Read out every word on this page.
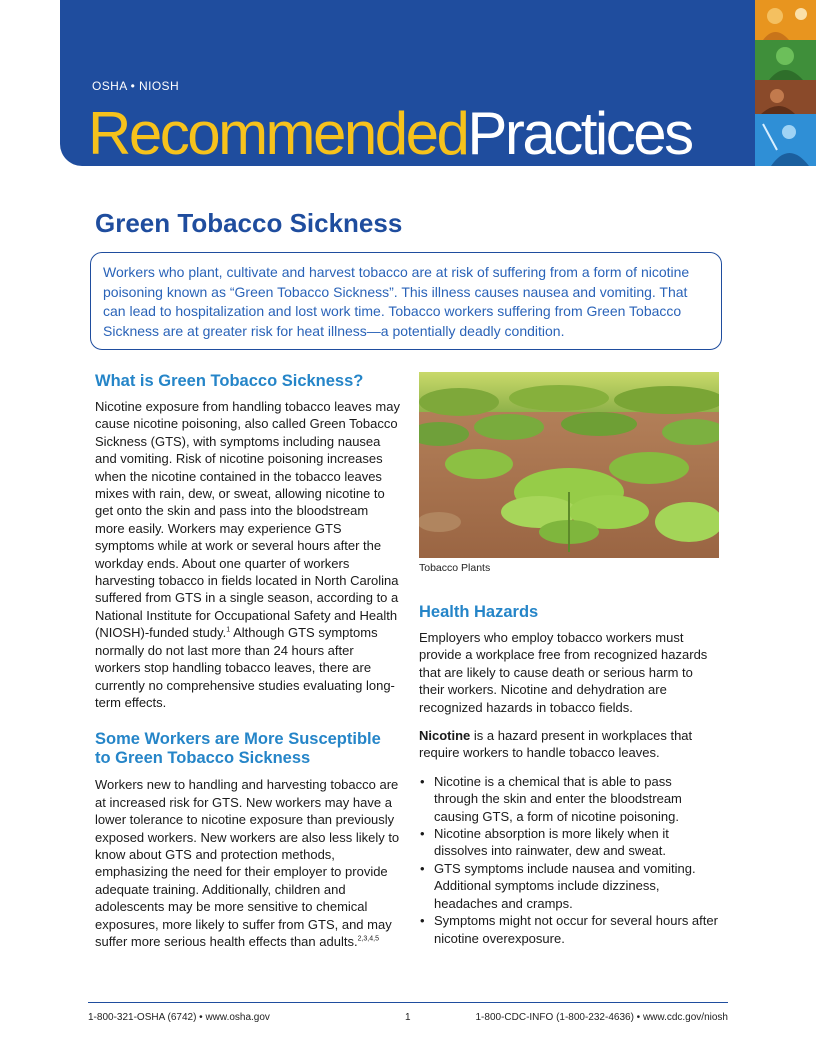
OSHA • NIOSH
RecommendedPractices
Green Tobacco Sickness

Workers who plant, cultivate and harvest tobacco are at risk of suffering from a form of nicotine poisoning known as “Green Tobacco Sickness”. This illness causes nausea and vomiting. That can lead to hospitalization and lost work time. Tobacco workers suffering from Green Tobacco Sickness are at greater risk for heat illness—a potentially deadly condition.

What is Green Tobacco Sickness?

Nicotine exposure from handling tobacco leaves may cause nicotine poisoning, also called Green Tobacco Sickness (GTS), with symptoms including nausea and vomiting. Risk of nicotine poisoning increases when the nicotine contained in the tobacco leaves mixes with rain, dew, or sweat, allowing nicotine to get onto the skin and pass into the bloodstream more easily. Workers may experience GTS symptoms while at work or several hours after the workday ends. About one quarter of workers harvesting tobacco in fields located in North Carolina suffered from GTS in a single season, according to a National Institute for Occupational Safety and Health (NIOSH)-funded study.$^1$ Although GTS symptoms normally do not last more than 24 hours after workers stop handling tobacco leaves, there are currently no comprehensive studies evaluating long-term effects.

Some Workers are More Susceptible
to Green Tobacco Sickness

Workers new to handling and harvesting tobacco are at increased risk for GTS. New workers may have a lower tolerance to nicotine exposure than previously exposed workers. New workers are also less likely to know about GTS and protection methods, emphasizing the need for their employer to provide adequate training. Additionally, children and adolescents may be more sensitive to chemical exposures, more likely to suffer from GTS, and may suffer more serious health effects than adults.$^{2,3,4,5}$

Tobacco Plants
Health Hazards

Employers who employ tobacco workers must provide a workplace free from recognized hazards that are likely to cause death or serious harm to their workers. Nicotine and dehydration are recognized hazards in tobacco fields.

Nicotine is a hazard present in workplaces that require workers to handle tobacco leaves.

• Nicotine is a chemical that is able to pass through the skin and enter the bloodstream causing GTS, a form of nicotine poisoning.
• Nicotine absorption is more likely when it dissolves into rainwater, dew and sweat.
• GTS symptoms include nausea and vomiting. Additional symptoms include dizziness, headaches and cramps.
• Symptoms might not occur for several hours after nicotine overexposure.
1-800-321-OSHA (6742) • www.osha.gov	1	1-800-CDC-INFO (1-800-232-4636) • www.cdc.gov/niosh
